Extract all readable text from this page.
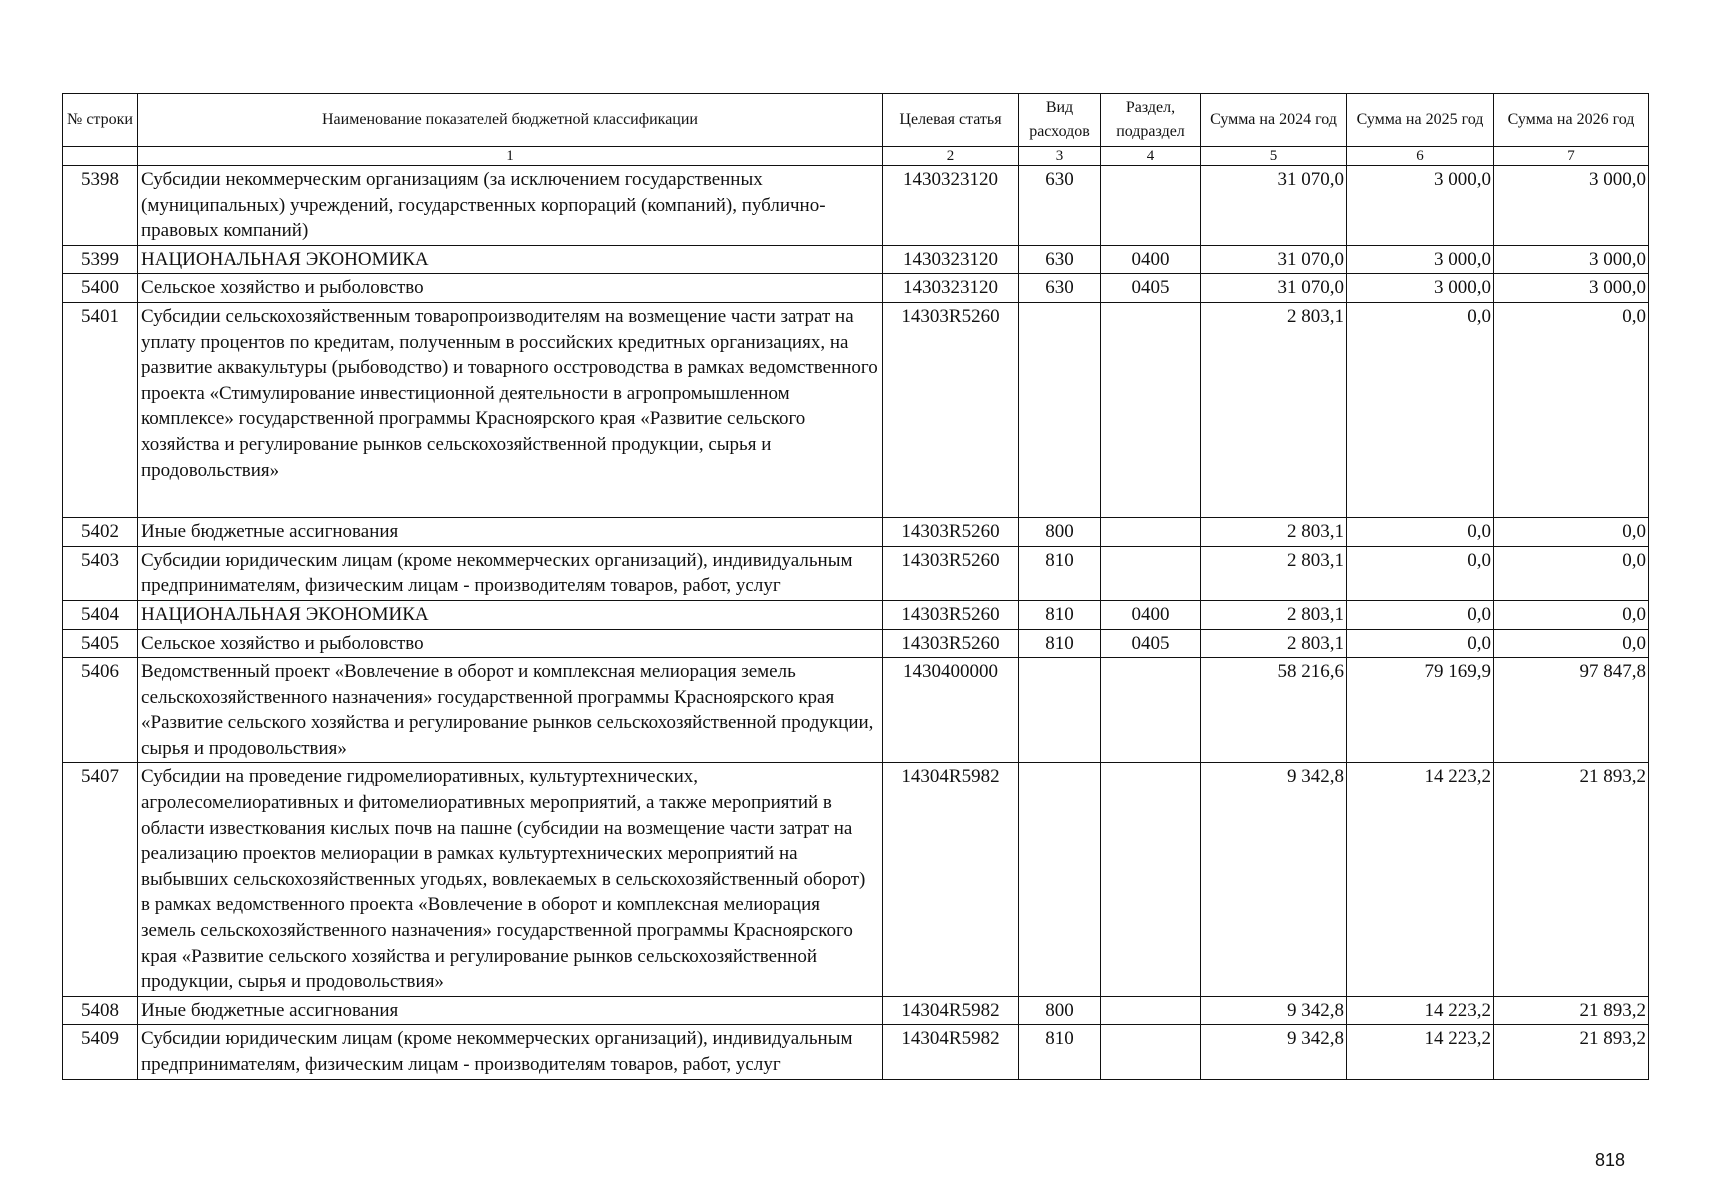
№ строки	Наименование показателей бюджетной классификации	Целевая статья	Вид расходов	Раздел, подраздел	Сумма на 2024 год	Сумма на 2025 год	Сумма на 2026 год
	1	2	3	4	5	6	7
5398	Субсидии некоммерческим организациям (за исключением государственных (муниципальных) учреждений, государственных корпораций (компаний), публично-правовых компаний)	1430323120	630		31 070,0	3 000,0	3 000,0
5399	НАЦИОНАЛЬНАЯ ЭКОНОМИКА	1430323120	630	0400	31 070,0	3 000,0	3 000,0
5400	Сельское хозяйство и рыболовство	1430323120	630	0405	31 070,0	3 000,0	3 000,0
5401	Субсидии сельскохозяйственным товаропроизводителям на возмещение части затрат на уплату процентов по кредитам, полученным в российских кредитных организациях, на развитие аквакультуры (рыбоводство) и товарного осстроводства в рамках ведомственного проекта «Стимулирование инвестиционной деятельности в агропромышленном комплексе» государственной программы Красноярского края «Развитие сельского хозяйства и регулирование рынков сельскохозяйственной продукции, сырья и продовольствия»	14303R5260			2 803,1	0,0	0,0
5402	Иные бюджетные ассигнования	14303R5260	800		2 803,1	0,0	0,0
5403	Субсидии юридическим лицам (кроме некоммерческих организаций), индивидуальным предпринимателям, физическим лицам - производителям товаров, работ, услуг	14303R5260	810		2 803,1	0,0	0,0
5404	НАЦИОНАЛЬНАЯ ЭКОНОМИКА	14303R5260	810	0400	2 803,1	0,0	0,0
5405	Сельское хозяйство и рыболовство	14303R5260	810	0405	2 803,1	0,0	0,0
5406	Ведомственный проект «Вовлечение в оборот и комплексная мелиорация земель сельскохозяйственного назначения» государственной программы Красноярского края «Развитие сельского хозяйства и регулирование рынков сельскохозяйственной продукции, сырья и продовольствия»	1430400000			58 216,6	79 169,9	97 847,8
5407	Субсидии на проведение гидромелиоративных, культуртехнических, агролесомелиоративных и фитомелиоративных мероприятий, а также мероприятий в области известкования кислых почв на пашне (субсидии на возмещение части затрат на реализацию проектов мелиорации в рамках культуртехнических мероприятий на выбывших сельскохозяйственных угодьях, вовлекаемых в сельскохозяйственный оборот) в рамках ведомственного проекта «Вовлечение в оборот и комплексная мелиорация земель сельскохозяйственного назначения» государственной программы Красноярского края «Развитие сельского хозяйства и регулирование рынков сельскохозяйственной продукции, сырья и продовольствия»	14304R5982			9 342,8	14 223,2	21 893,2
5408	Иные бюджетные ассигнования	14304R5982	800		9 342,8	14 223,2	21 893,2
5409	Субсидии юридическим лицам (кроме некоммерческих организаций), индивидуальным предпринимателям, физическим лицам - производителям товаров, работ, услуг	14304R5982	810		9 342,8	14 223,2	21 893,2
818
